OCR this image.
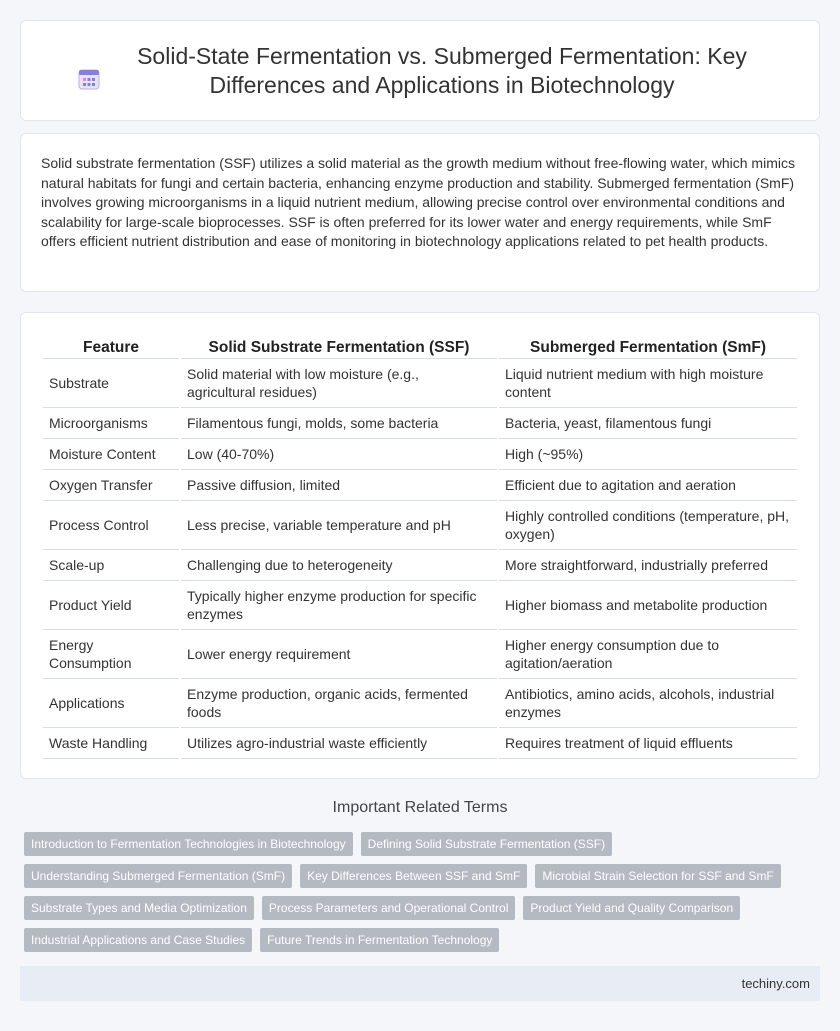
Solid-State Fermentation vs. Submerged Fermentation: Key Differences and Applications in Biotechnology

Solid substrate fermentation (SSF) utilizes a solid material as the growth medium without free-flowing water, which mimics natural habitats for fungi and certain bacteria, enhancing enzyme production and stability. Submerged fermentation (SmF) involves growing microorganisms in a liquid nutrient medium, allowing precise control over environmental conditions and scalability for large-scale bioprocesses. SSF is often preferred for its lower water and energy requirements, while SmF offers efficient nutrient distribution and ease of monitoring in biotechnology applications related to pet health products.

Feature	Solid Substrate Fermentation (SSF)	Submerged Fermentation (SmF)
Substrate	Solid material with low moisture (e.g., agricultural residues)	Liquid nutrient medium with high moisture content
Microorganisms	Filamentous fungi, molds, some bacteria	Bacteria, yeast, filamentous fungi
Moisture Content	Low (40-70%)	High (~95%)
Oxygen Transfer	Passive diffusion, limited	Efficient due to agitation and aeration
Process Control	Less precise, variable temperature and pH	Highly controlled conditions (temperature, pH, oxygen)
Scale-up	Challenging due to heterogeneity	More straightforward, industrially preferred
Product Yield	Typically higher enzyme production for specific enzymes	Higher biomass and metabolite production
Energy Consumption	Lower energy requirement	Higher energy consumption due to agitation/aeration
Applications	Enzyme production, organic acids, fermented foods	Antibiotics, amino acids, alcohols, industrial enzymes
Waste Handling	Utilizes agro-industrial waste efficiently	Requires treatment of liquid effluents
Important Related Terms
Introduction to Fermentation Technologies in Biotechnology	Defining Solid Substrate Fermentation (SSF)
Understanding Submerged Fermentation (SmF)	Key Differences Between SSF and SmF	Microbial Strain Selection for SSF and SmF
Substrate Types and Media Optimization	Process Parameters and Operational Control	Product Yield and Quality Comparison
Industrial Applications and Case Studies	Future Trends in Fermentation Technology
techiny.com
